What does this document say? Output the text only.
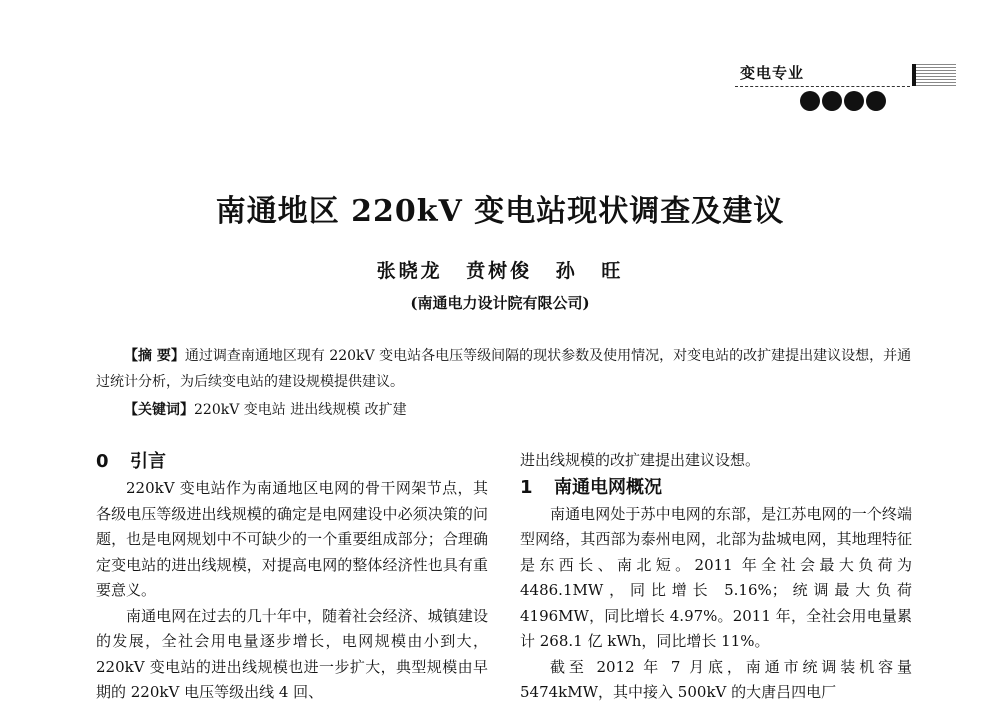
变电专业
南通地区 220kV 变电站现状调查及建议
张晓龙 贲树俊 孙 旺
(南通电力设计院有限公司)
【摘 要】通过调查南通地区现有 220kV 变电站各电压等级间隔的现状参数及使用情况，对变电站的改扩建提出建议设想，并通过统计分析，为后续变电站的建设规模提供建议。
【关键词】220kV 变电站 进出线规模 改扩建
0 引言

220kV 变电站作为南通地区电网的骨干网架节点，其各级电压等级进出线规模的确定是电网建设中必须决策的问题，也是电网规划中不可缺少的一个重要组成部分；合理确定变电站的进出线规模，对提高电网的整体经济性也具有重要意义。

南通电网在过去的几十年中，随着社会经济、城镇建设的发展，全社会用电量逐步增长，电网规模由小到大，220kV 变电站的进出线规模也进一步扩大，典型规模由早期的 220kV 电压等级出线 4 回、

进出线规模的改扩建提出建议设想。

1 南通电网概况

南通电网处于苏中电网的东部，是江苏电网的一个终端型网络，其西部为泰州电网，北部为盐城电网，其地理特征是东西长、南北短。2011 年全社会最大负荷为 4486.1MW，同比增长 5.16%；统调最大负荷 4196MW，同比增长 4.97%。2011 年，全社会用电量累计 268.1 亿 kWh，同比增长 11%。

截至 2012 年 7 月底，南通市统调装机容量 5474kMW，其中接入 500kV 的大唐吕四电厂
